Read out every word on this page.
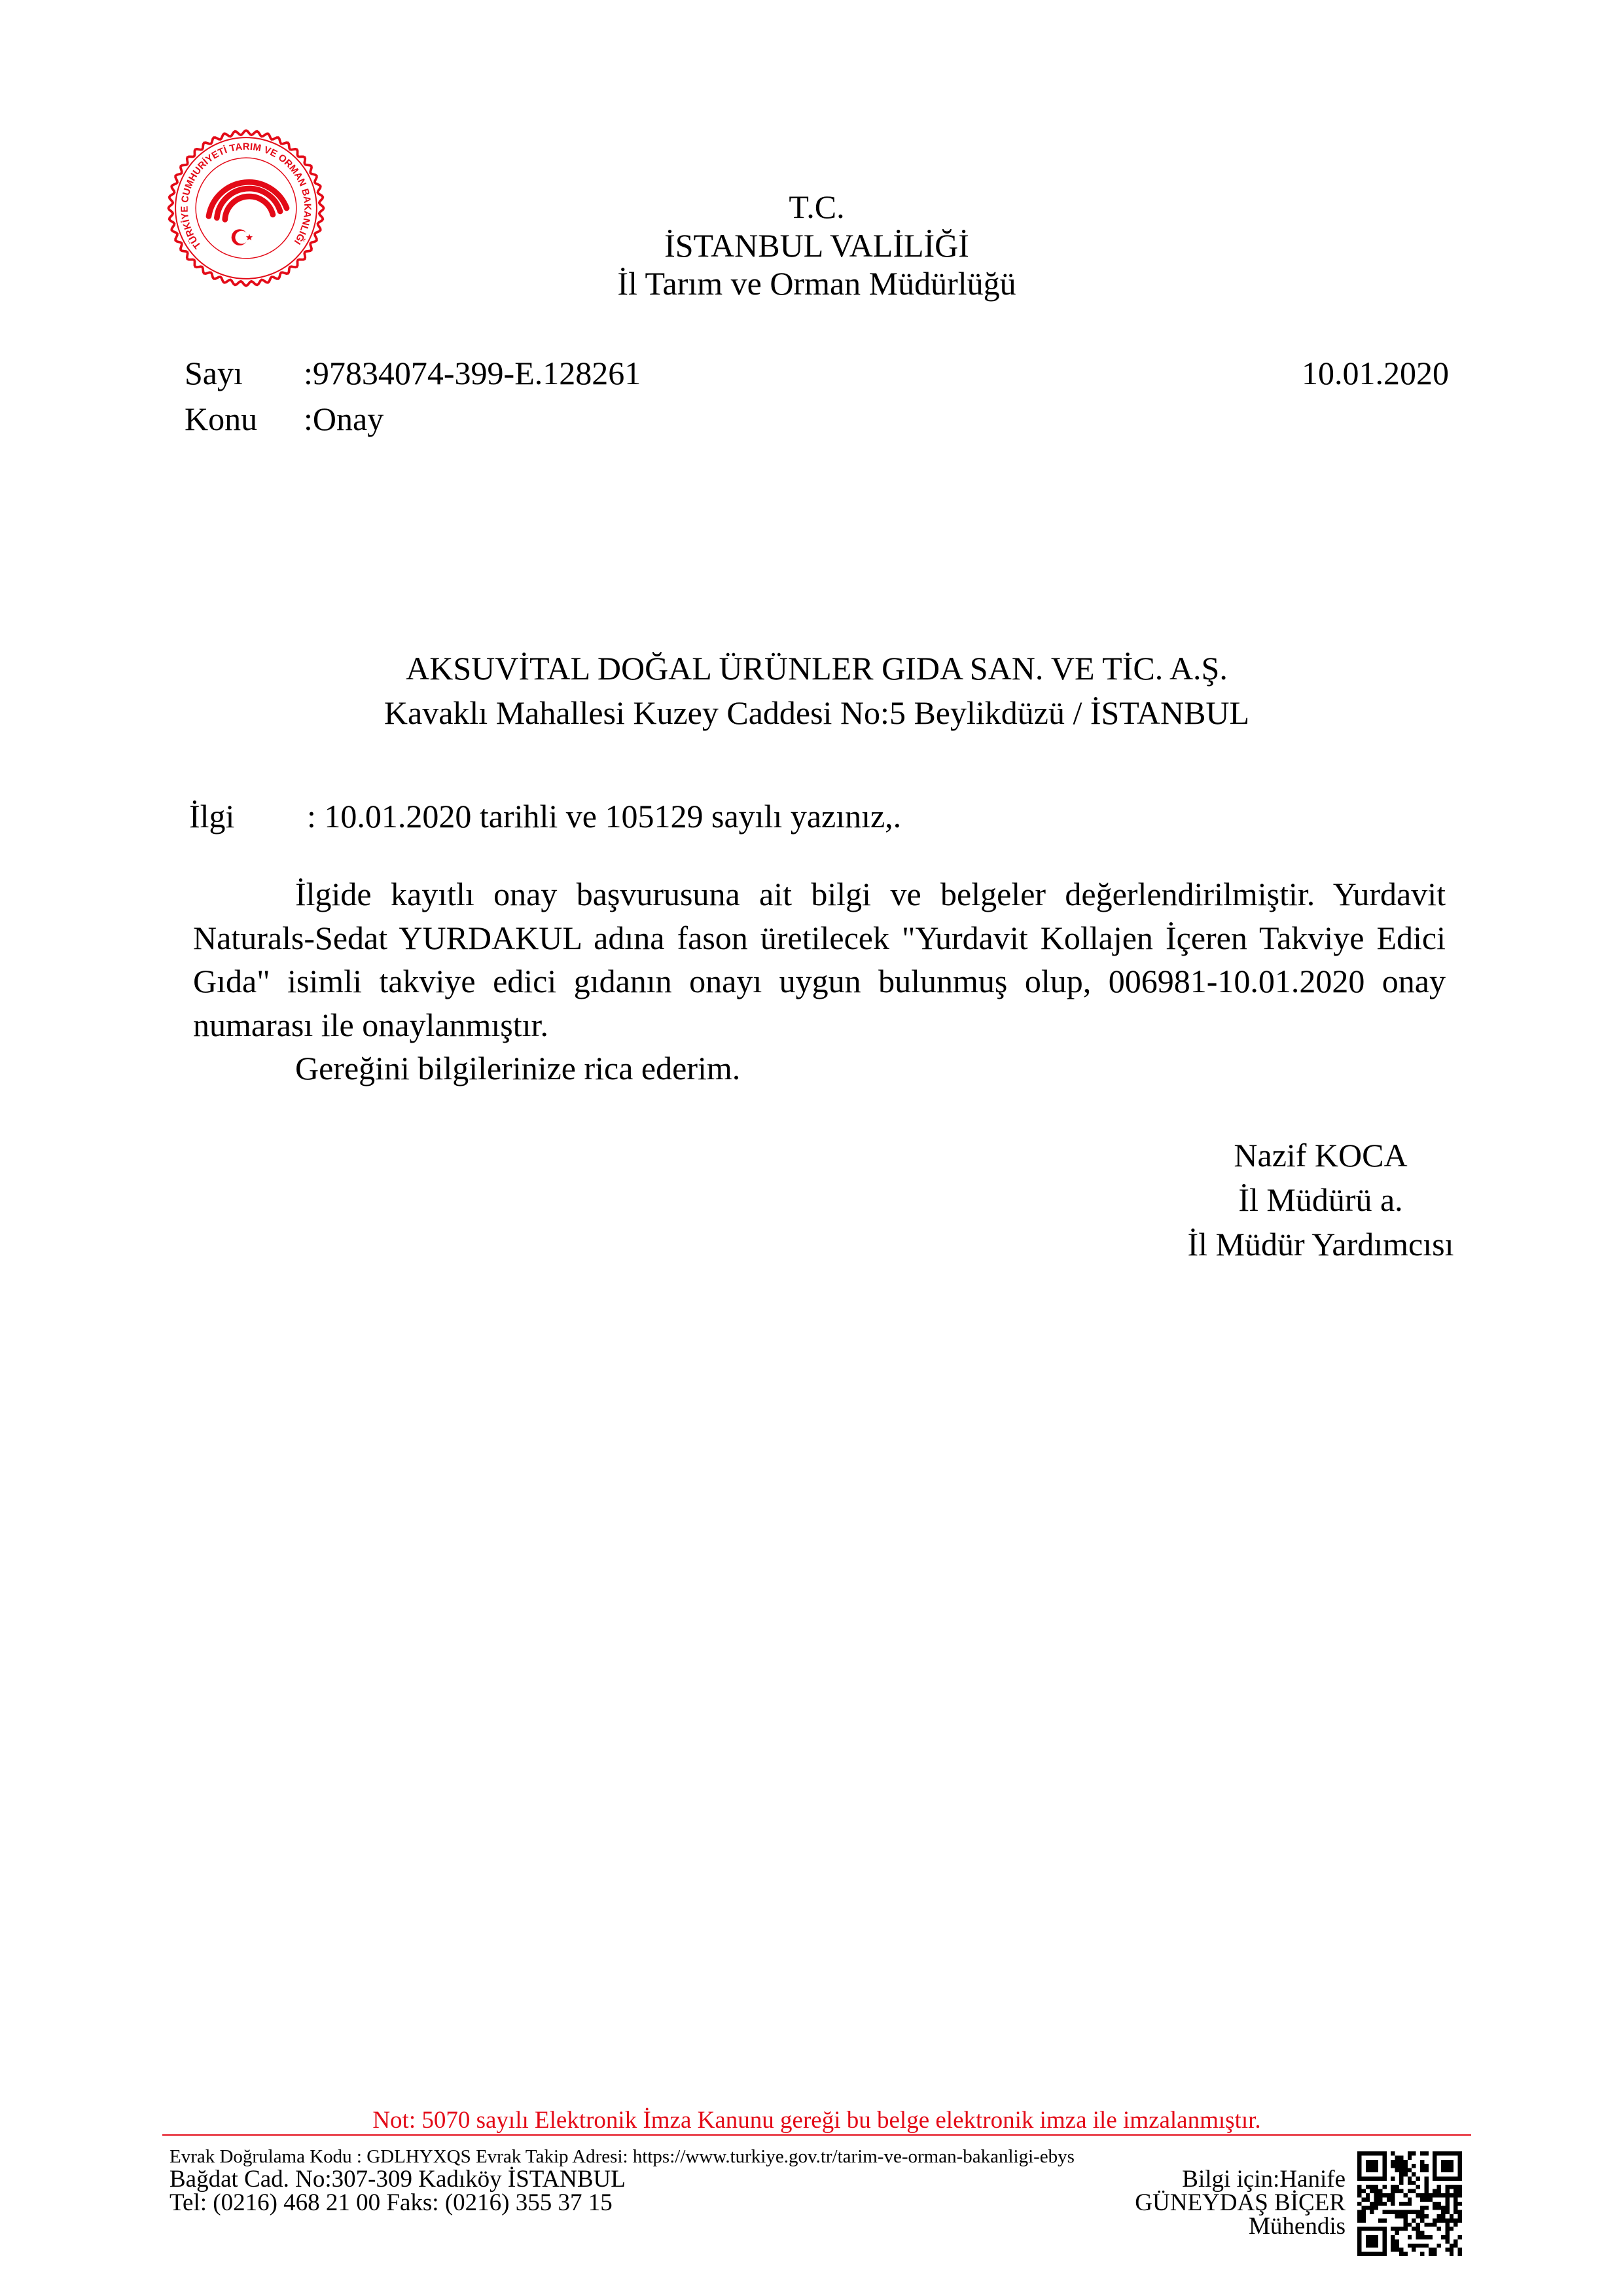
TÜRKİYE CUMHURİYETİ TARIM VE ORMAN BAKANLIĞI
T.C.
İSTANBUL VALİLİĞİ
İl Tarım ve Orman Müdürlüğü
Sayı :97834074-399-E.128261	10.01.2020
Konu :Onay
AKSUVİTAL DOĞAL ÜRÜNLER GIDA SAN. VE TİC. A.Ş.
Kavaklı Mahallesi Kuzey Caddesi No:5 Beylikdüzü / İSTANBUL
İlgi : 10.01.2020 tarihli ve 105129 sayılı yazınız,.
İlgide kayıtlı onay başvurusuna ait bilgi ve belgeler değerlendirilmiştir. Yurdavit
Naturals-Sedat YURDAKUL adına fason üretilecek "Yurdavit Kollajen İçeren Takviye Edici
Gıda" isimli takviye edici gıdanın onayı uygun bulunmuş olup, 006981-10.01.2020 onay
numarası ile onaylanmıştır.
Gereğini bilgilerinize rica ederim.
Nazif KOCA
İl Müdürü a.
İl Müdür Yardımcısı
Not: 5070 sayılı Elektronik İmza Kanunu gereği bu belge elektronik imza ile imzalanmıştır.
Evrak Doğrulama Kodu : GDLHYXQS Evrak Takip Adresi: https://www.turkiye.gov.tr/tarim-ve-orman-bakanligi-ebys
Bağdat Cad. No:307-309 Kadıköy İSTANBUL
Tel: (0216) 468 21 00 Faks: (0216) 355 37 15
Bilgi için:Hanife
GÜNEYDAŞ BİÇER
Mühendis
